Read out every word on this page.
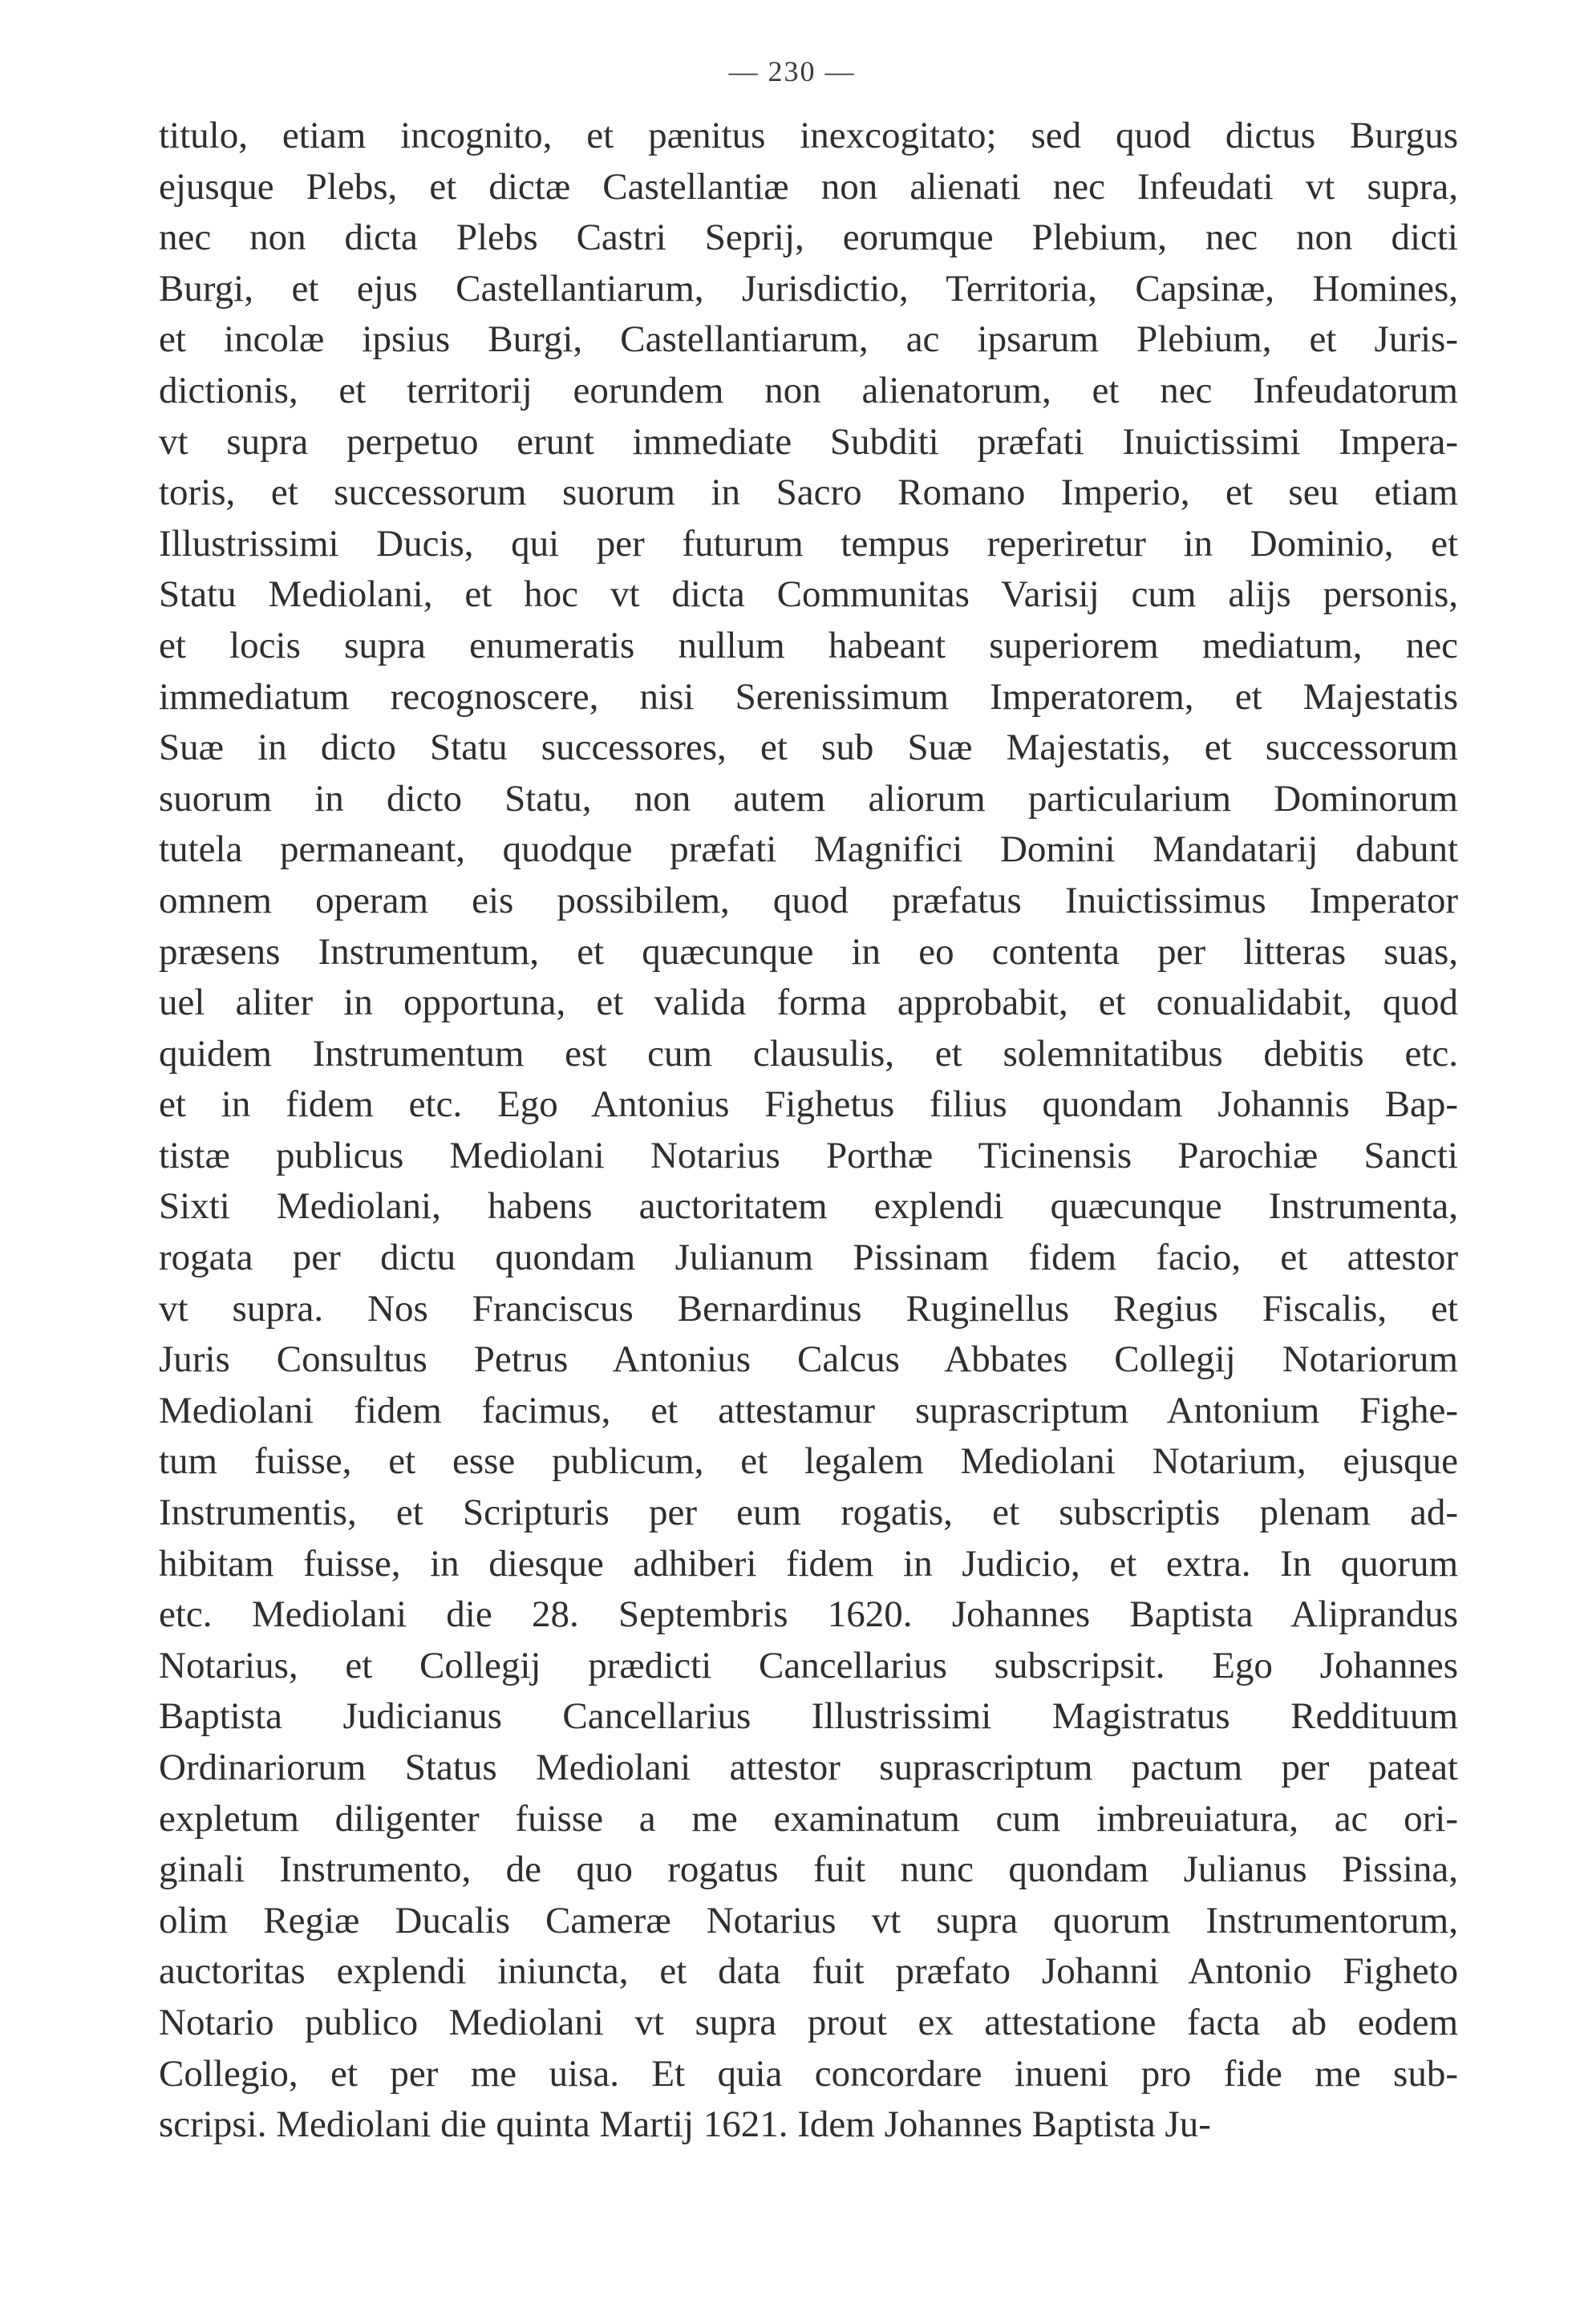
— 230 —
titulo, etiam incognito, et pænitus inexcogitato; sed quod dictus Burgus
ejusque Plebs, et dictæ Castellantiæ non alienati nec Infeudati vt supra,
nec non dicta Plebs Castri Seprij, eorumque Plebium, nec non dicti
Burgi, et ejus Castellantiarum, Jurisdictio, Territoria, Capsinæ, Homines,
et incolæ ipsius Burgi, Castellantiarum, ac ipsarum Plebium, et Juris-
dictionis, et territorij eorundem non alienatorum, et nec Infeudatorum
vt supra perpetuo erunt immediate Subditi præfati Inuictissimi Impera-
toris, et successorum suorum in Sacro Romano Imperio, et seu etiam
Illustrissimi Ducis, qui per futurum tempus reperiretur in Dominio, et
Statu Mediolani, et hoc vt dicta Communitas Varisij cum alijs personis,
et locis supra enumeratis nullum habeant superiorem mediatum, nec
immediatum recognoscere, nisi Serenissimum Imperatorem, et Majestatis
Suæ in dicto Statu successores, et sub Suæ Majestatis, et successorum
suorum in dicto Statu, non autem aliorum particularium Dominorum
tutela permaneant, quodque præfati Magnifici Domini Mandatarij dabunt
omnem operam eis possibilem, quod præfatus Inuictissimus Imperator
præsens Instrumentum, et quæcunque in eo contenta per litteras suas,
uel aliter in opportuna, et valida forma approbabit, et conualidabit, quod
quidem Instrumentum est cum clausulis, et solemnitatibus debitis etc.
et in fidem etc. Ego Antonius Fighetus filius quondam Johannis Bap-
tistæ publicus Mediolani Notarius Porthæ Ticinensis Parochiæ Sancti
Sixti Mediolani, habens auctoritatem explendi quæcunque Instrumenta,
rogata per dictu quondam Julianum Pissinam fidem facio, et attestor
vt supra. Nos Franciscus Bernardinus Ruginellus Regius Fiscalis, et
Juris Consultus Petrus Antonius Calcus Abbates Collegij Notariorum
Mediolani fidem facimus, et attestamur suprascriptum Antonium Fighe-
tum fuisse, et esse publicum, et legalem Mediolani Notarium, ejusque
Instrumentis, et Scripturis per eum rogatis, et subscriptis plenam ad-
hibitam fuisse, in diesque adhiberi fidem in Judicio, et extra. In quorum
etc. Mediolani die 28. Septembris 1620. Johannes Baptista Aliprandus
Notarius, et Collegij prædicti Cancellarius subscripsit. Ego Johannes
Baptista Judicianus Cancellarius Illustrissimi Magistratus Reddituum
Ordinariorum Status Mediolani attestor suprascriptum pactum per pateat
expletum diligenter fuisse a me examinatum cum imbreuiatura, ac ori-
ginali Instrumento, de quo rogatus fuit nunc quondam Julianus Pissina,
olim Regiæ Ducalis Cameræ Notarius vt supra quorum Instrumentorum,
auctoritas explendi iniuncta, et data fuit præfato Johanni Antonio Figheto
Notario publico Mediolani vt supra prout ex attestatione facta ab eodem
Collegio, et per me uisa. Et quia concordare inueni pro fide me sub-
scripsi. Mediolani die quinta Martij 1621. Idem Johannes Baptista Ju-
